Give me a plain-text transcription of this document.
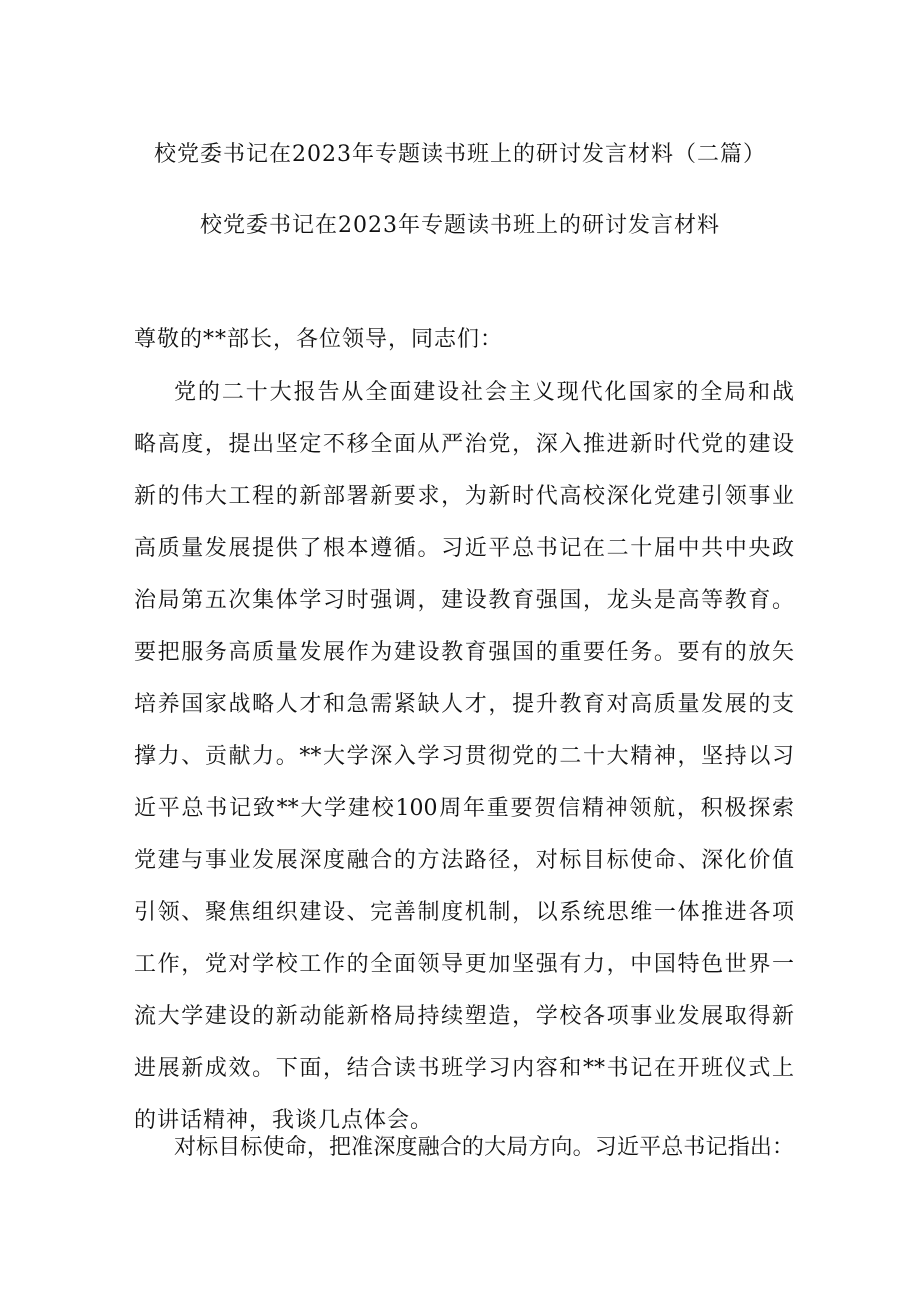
校党委书记在2023年专题读书班上的研讨发言材料（二篇）
校党委书记在2023年专题读书班上的研讨发言材料
尊敬的**部长，各位领导，同志们：
党的二十大报告从全面建设社会主义现代化国家的全局和战
略高度，提出坚定不移全面从严治党，深入推进新时代党的建设
新的伟大工程的新部署新要求，为新时代高校深化党建引领事业
高质量发展提供了根本遵循。习近平总书记在二十届中共中央政
治局第五次集体学习时强调，建设教育强国，龙头是高等教育。
要把服务高质量发展作为建设教育强国的重要任务。要有的放矢
培养国家战略人才和急需紧缺人才，提升教育对高质量发展的支
撑力、贡献力。**大学深入学习贯彻党的二十大精神，坚持以习
近平总书记致**大学建校100周年重要贺信精神领航，积极探索
党建与事业发展深度融合的方法路径，对标目标使命、深化价值
引领、聚焦组织建设、完善制度机制，以系统思维一体推进各项
工作，党对学校工作的全面领导更加坚强有力，中国特色世界一
流大学建设的新动能新格局持续塑造，学校各项事业发展取得新
进展新成效。下面，结合读书班学习内容和**书记在开班仪式上
的讲话精神，我谈几点体会。
对标目标使命，把准深度融合的大局方向。习近平总书记指出：
